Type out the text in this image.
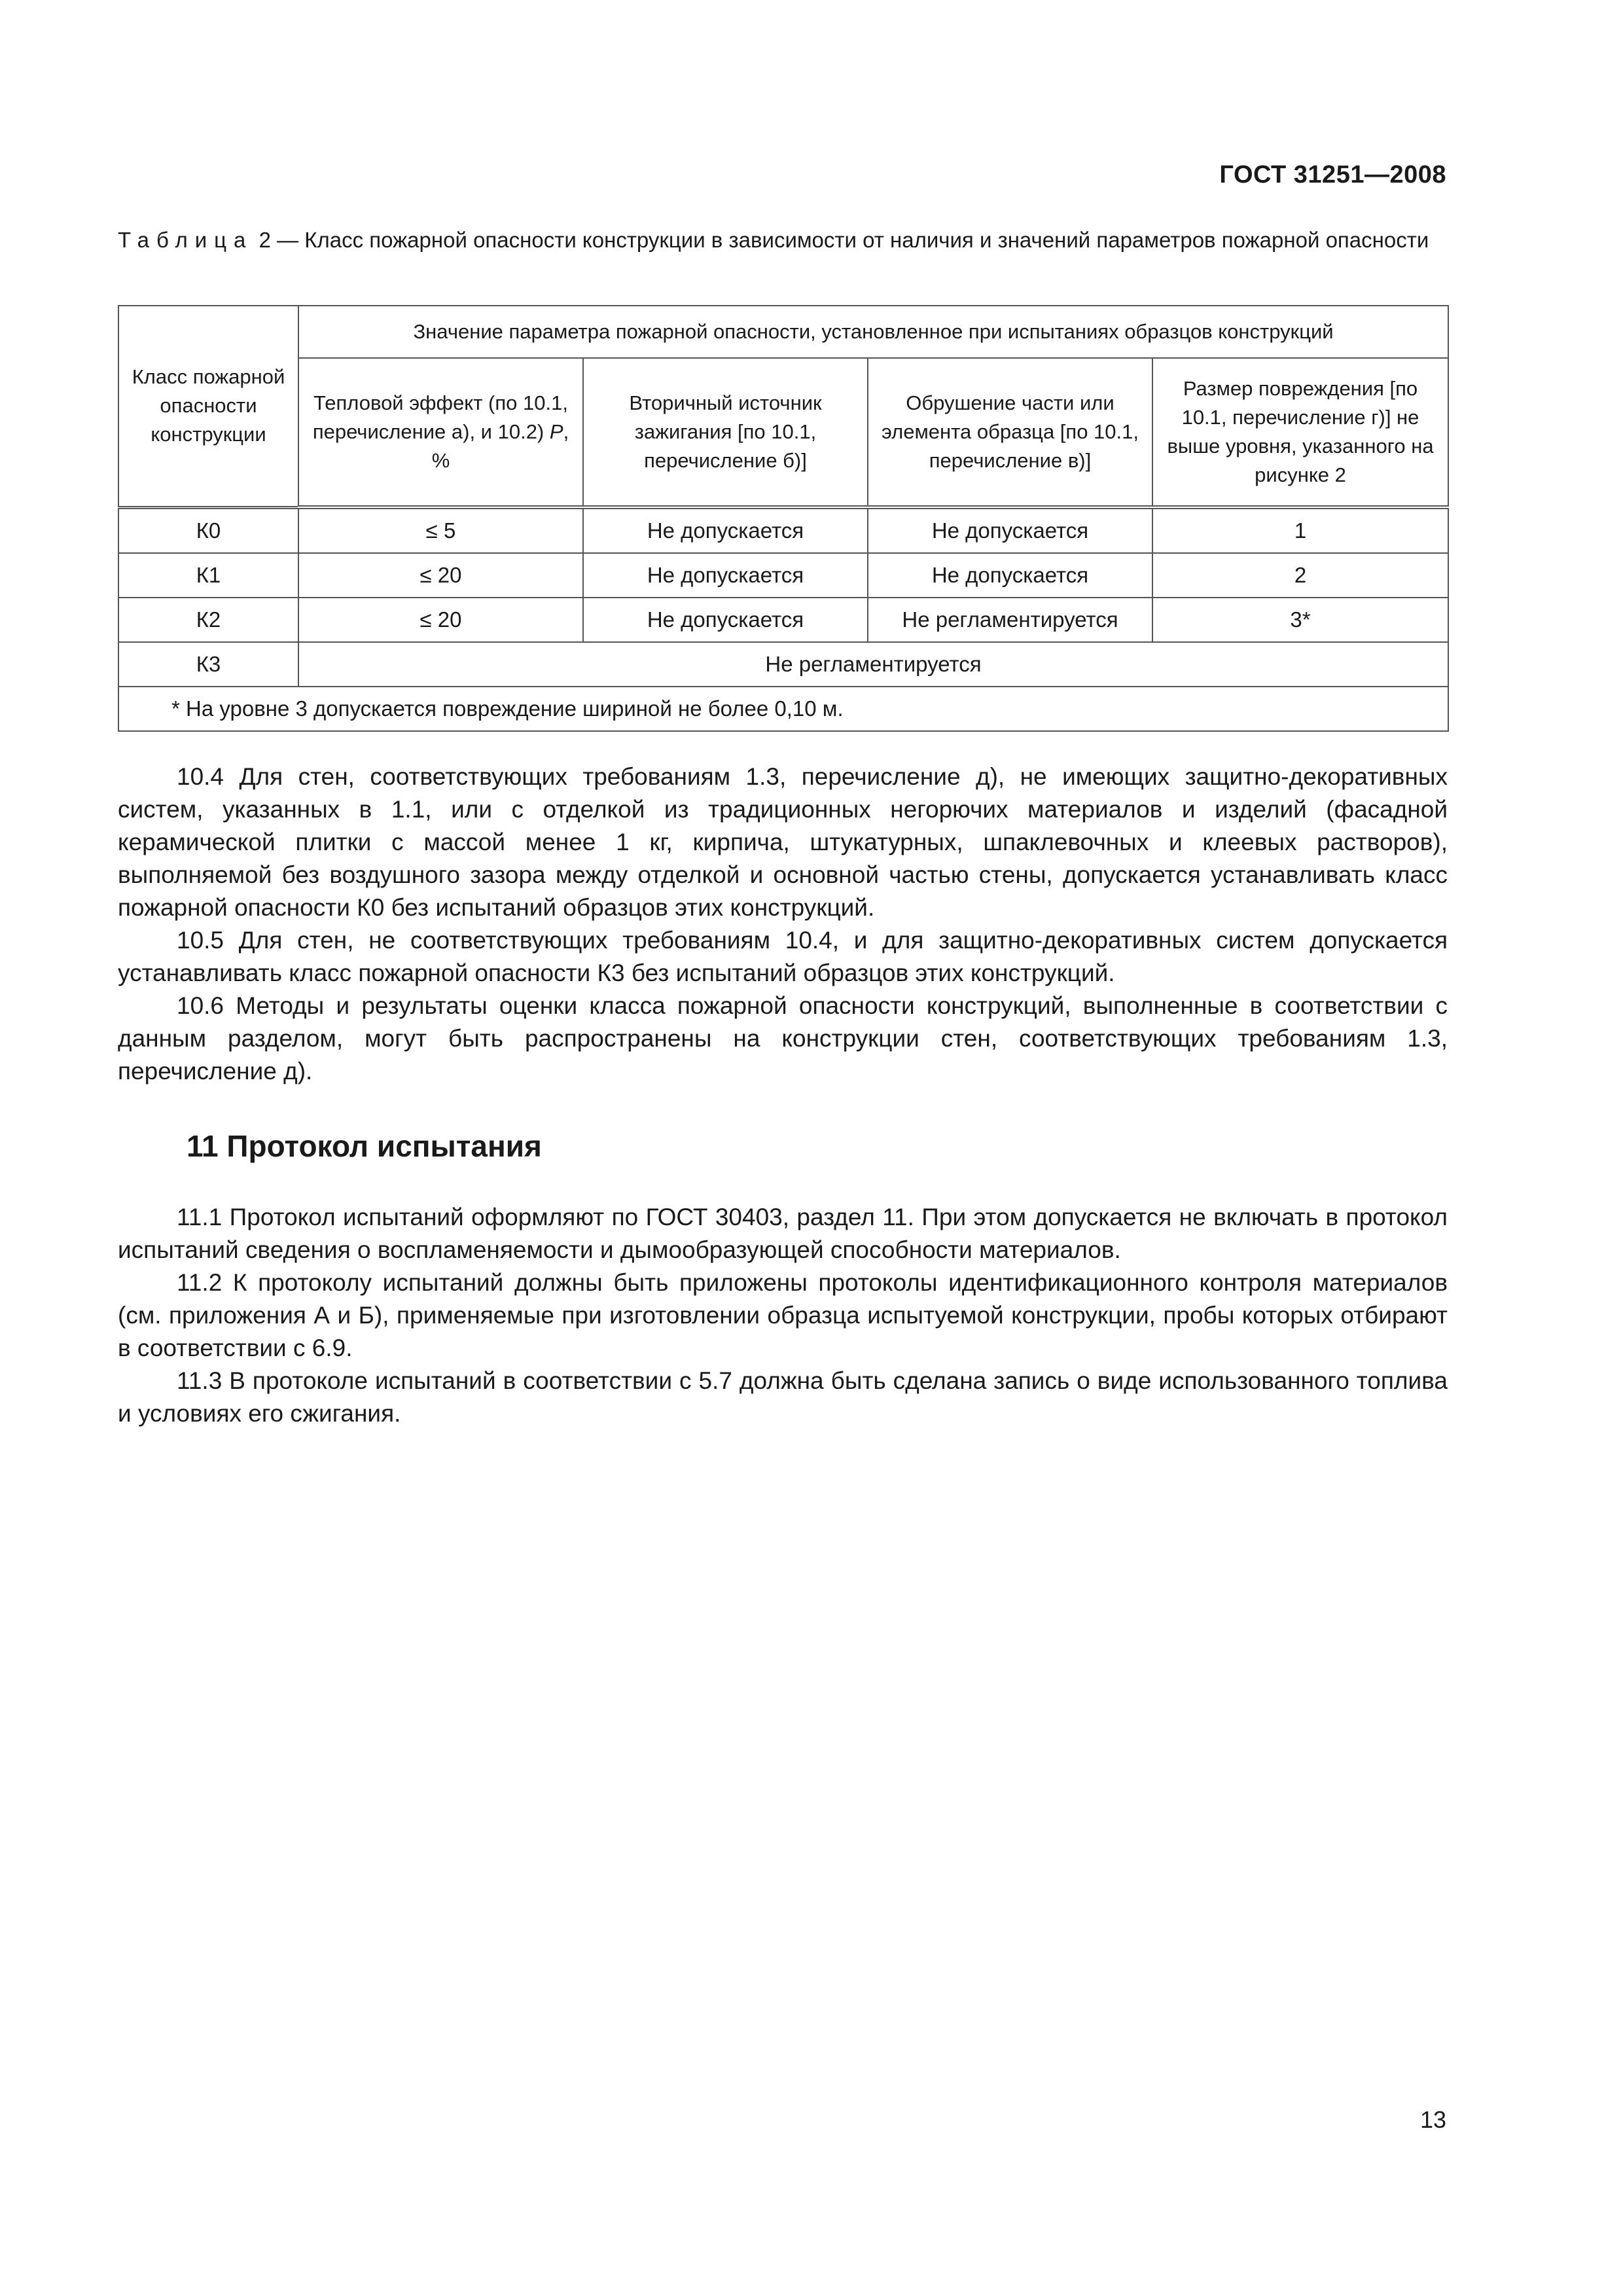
ГОСТ 31251—2008
Таблица 2 — Класс пожарной опасности конструкции в зависимости от наличия и значений параметров пожарной опасности
Класс пожарной опасности конструкции	Значение параметра пожарной опасности, установленное при испытаниях образцов конструкций			
	Тепловой эффект (по 10.1, перечисление а), и 10.2) P, %	Вторичный источник зажигания [по 10.1, перечисление б)]	Обрушение части или элемента образца [по 10.1, перечисление в)]	Размер повреждения [по 10.1, перечисление г)] не выше уровня, указанного на рисунке 2
К0	≤ 5	Не допускается	Не допускается	1
К1	≤ 20	Не допускается	Не допускается	2
К2	≤ 20	Не допускается	Не регламентируется	3*
К3	Не регламентируется			
* На уровне 3 допускается повреждение шириной не более 0,10 м.				

10.4 Для стен, соответствующих требованиям 1.3, перечисление д), не имеющих защитно-декоративных систем, указанных в 1.1, или с отделкой из традиционных негорючих материалов и изделий (фасадной керамической плитки с массой менее 1 кг, кирпича, штукатурных, шпаклевочных и клеевых растворов), выполняемой без воздушного зазора между отделкой и основной частью стены, допускается устанавливать класс пожарной опасности К0 без испытаний образцов этих конструкций.

10.5 Для стен, не соответствующих требованиям 10.4, и для защитно-декоративных систем допускается устанавливать класс пожарной опасности К3 без испытаний образцов этих конструкций.

10.6 Методы и результаты оценки класса пожарной опасности конструкций, выполненные в соответствии с данным разделом, могут быть распространены на конструкции стен, соответствующих требованиям 1.3, перечисление д).

11 Протокол испытания

11.1 Протокол испытаний оформляют по ГОСТ 30403, раздел 11. При этом допускается не включать в протокол испытаний сведения о воспламеняемости и дымообразующей способности материалов.

11.2 К протоколу испытаний должны быть приложены протоколы идентификационного контроля материалов (см. приложения А и Б), применяемые при изготовлении образца испытуемой конструкции, пробы которых отбирают в соответствии с 6.9.

11.3 В протоколе испытаний в соответствии с 5.7 должна быть сделана запись о виде использованного топлива и условиях его сжигания.

13
